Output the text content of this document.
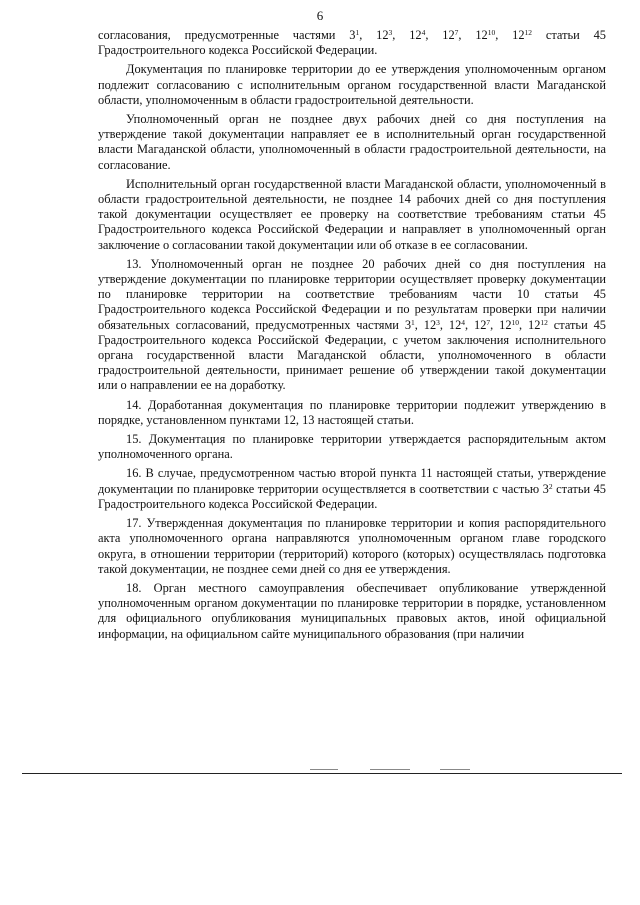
6

согласования, предусмотренные частями $3^1$, $12^3$, $12^4$, $12^7$, $12^{10}$, $12^{12}$ статьи 45 Градостроительного кодекса Российской Федерации.

Документация по планировке территории до ее утверждения уполномоченным органом подлежит согласованию с исполнительным органом государственной власти Магаданской области, уполномоченным в области градостроительной деятельности.

Уполномоченный орган не позднее двух рабочих дней со дня поступления на утверждение такой документации направляет ее в исполнительный орган государственной власти Магаданской области, уполномоченный в области градостроительной деятельности, на согласование.

Исполнительный орган государственной власти Магаданской области, уполномоченный в области градостроительной деятельности, не позднее 14 рабочих дней со дня поступления такой документации осуществляет ее проверку на соответствие требованиям статьи 45 Градостроительного кодекса Российской Федерации и направляет в уполномоченный орган заключение о согласовании такой документации или об отказе в ее согласовании.

13. Уполномоченный орган не позднее 20 рабочих дней со дня поступления на утверждение документации по планировке территории осуществляет проверку документации по планировке территории на соответствие требованиям части 10 статьи 45 Градостроительного кодекса Российской Федерации и по результатам проверки при наличии обязательных согласований, предусмотренных частями $3^1$, $12^3$, $12^4$, $12^7$, $12^{10}$, $12^{12}$ статьи 45 Градостроительного кодекса Российской Федерации, с учетом заключения исполнительного органа государственной власти Магаданской области, уполномоченного в области градостроительной деятельности, принимает решение об утверждении такой документации или о направлении ее на доработку.

14. Доработанная документация по планировке территории подлежит утверждению в порядке, установленном пунктами 12, 13 настоящей статьи.

15. Документация по планировке территории утверждается распорядительным актом уполномоченного органа.

16. В случае, предусмотренном частью второй пункта 11 настоящей статьи, утверждение документации по планировке территории осуществляется в соответствии с частью $3^2$ статьи 45 Градостроительного кодекса Российской Федерации.

17. Утвержденная документация по планировке территории и копия распорядительного акта уполномоченного органа направляются уполномоченным органом главе городского округа, в отношении территории (территорий) которого (которых) осуществлялась подготовка такой документации, не позднее семи дней со дня ее утверждения.

18. Орган местного самоуправления обеспечивает опубликование утвержденной уполномоченным органом документации по планировке территории в порядке, установленном для официального опубликования муниципальных правовых актов, иной официальной информации, на официальном сайте муниципального образования (при наличии
